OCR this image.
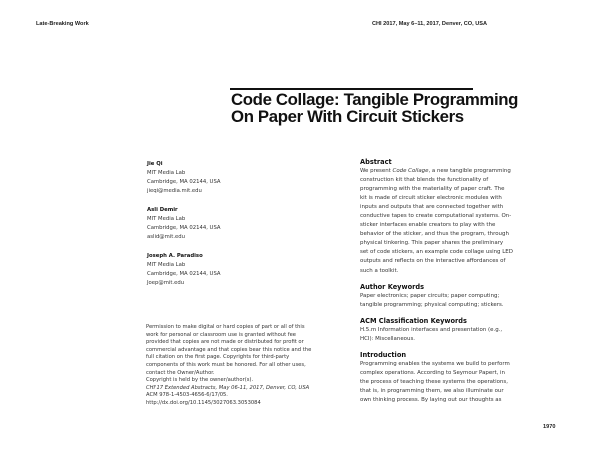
Late-Breaking Work	CHI 2017, May 6–11, 2017, Denver, CO, USA
Code Collage: Tangible Programming
On Paper With Circuit Stickers
Jie Qi
MIT Media Lab
Cambridge, MA 02144, USA
jieqi@media.mit.edu
Asli Demir
MIT Media Lab
Cambridge, MA 02144, USA
aslid@mit.edu
Joseph A. Paradiso
MIT Media Lab
Cambridge, MA 02144, USA
Joep@mit.edu
Permission to make digital or hard copies of part or all of this
work for personal or classroom use is granted without fee
provided that copies are not made or distributed for profit or
commercial advantage and that copies bear this notice and the
full citation on the first page. Copyrights for third-party
components of this work must be honored. For all other uses,
contact the Owner/Author.
Copyright is held by the owner/author(s).
CHI'17 Extended Abstracts, May 06-11, 2017, Denver, CO, USA
ACM 978-1-4503-4656-6/17/05.
http://dx.doi.org/10.1145/3027063.3053084
Abstract
We present Code Collage, a new tangible programming
construction kit that blends the functionality of
programming with the materiality of paper craft. The
kit is made of circuit sticker electronic modules with
inputs and outputs that are connected together with
conductive tapes to create computational systems. On-
sticker interfaces enable creators to play with the
behavior of the sticker, and thus the program, through
physical tinkering. This paper shares the preliminary
set of code stickers, an example code collage using LED
outputs and reflects on the interactive affordances of
such a toolkit.
Author Keywords
Paper electronics; paper circuits; paper computing;
tangible programming; physical computing; stickers.
ACM Classification Keywords
H.5.m Information interfaces and presentation (e.g.,
HCI): Miscellaneous.
Introduction
Programming enables the systems we build to perform
complex operations. According to Seymour Papert, in
the process of teaching these systems the operations,
that is, in programming them, we also illuminate our
own thinking process. By laying out our thoughts as
1970
